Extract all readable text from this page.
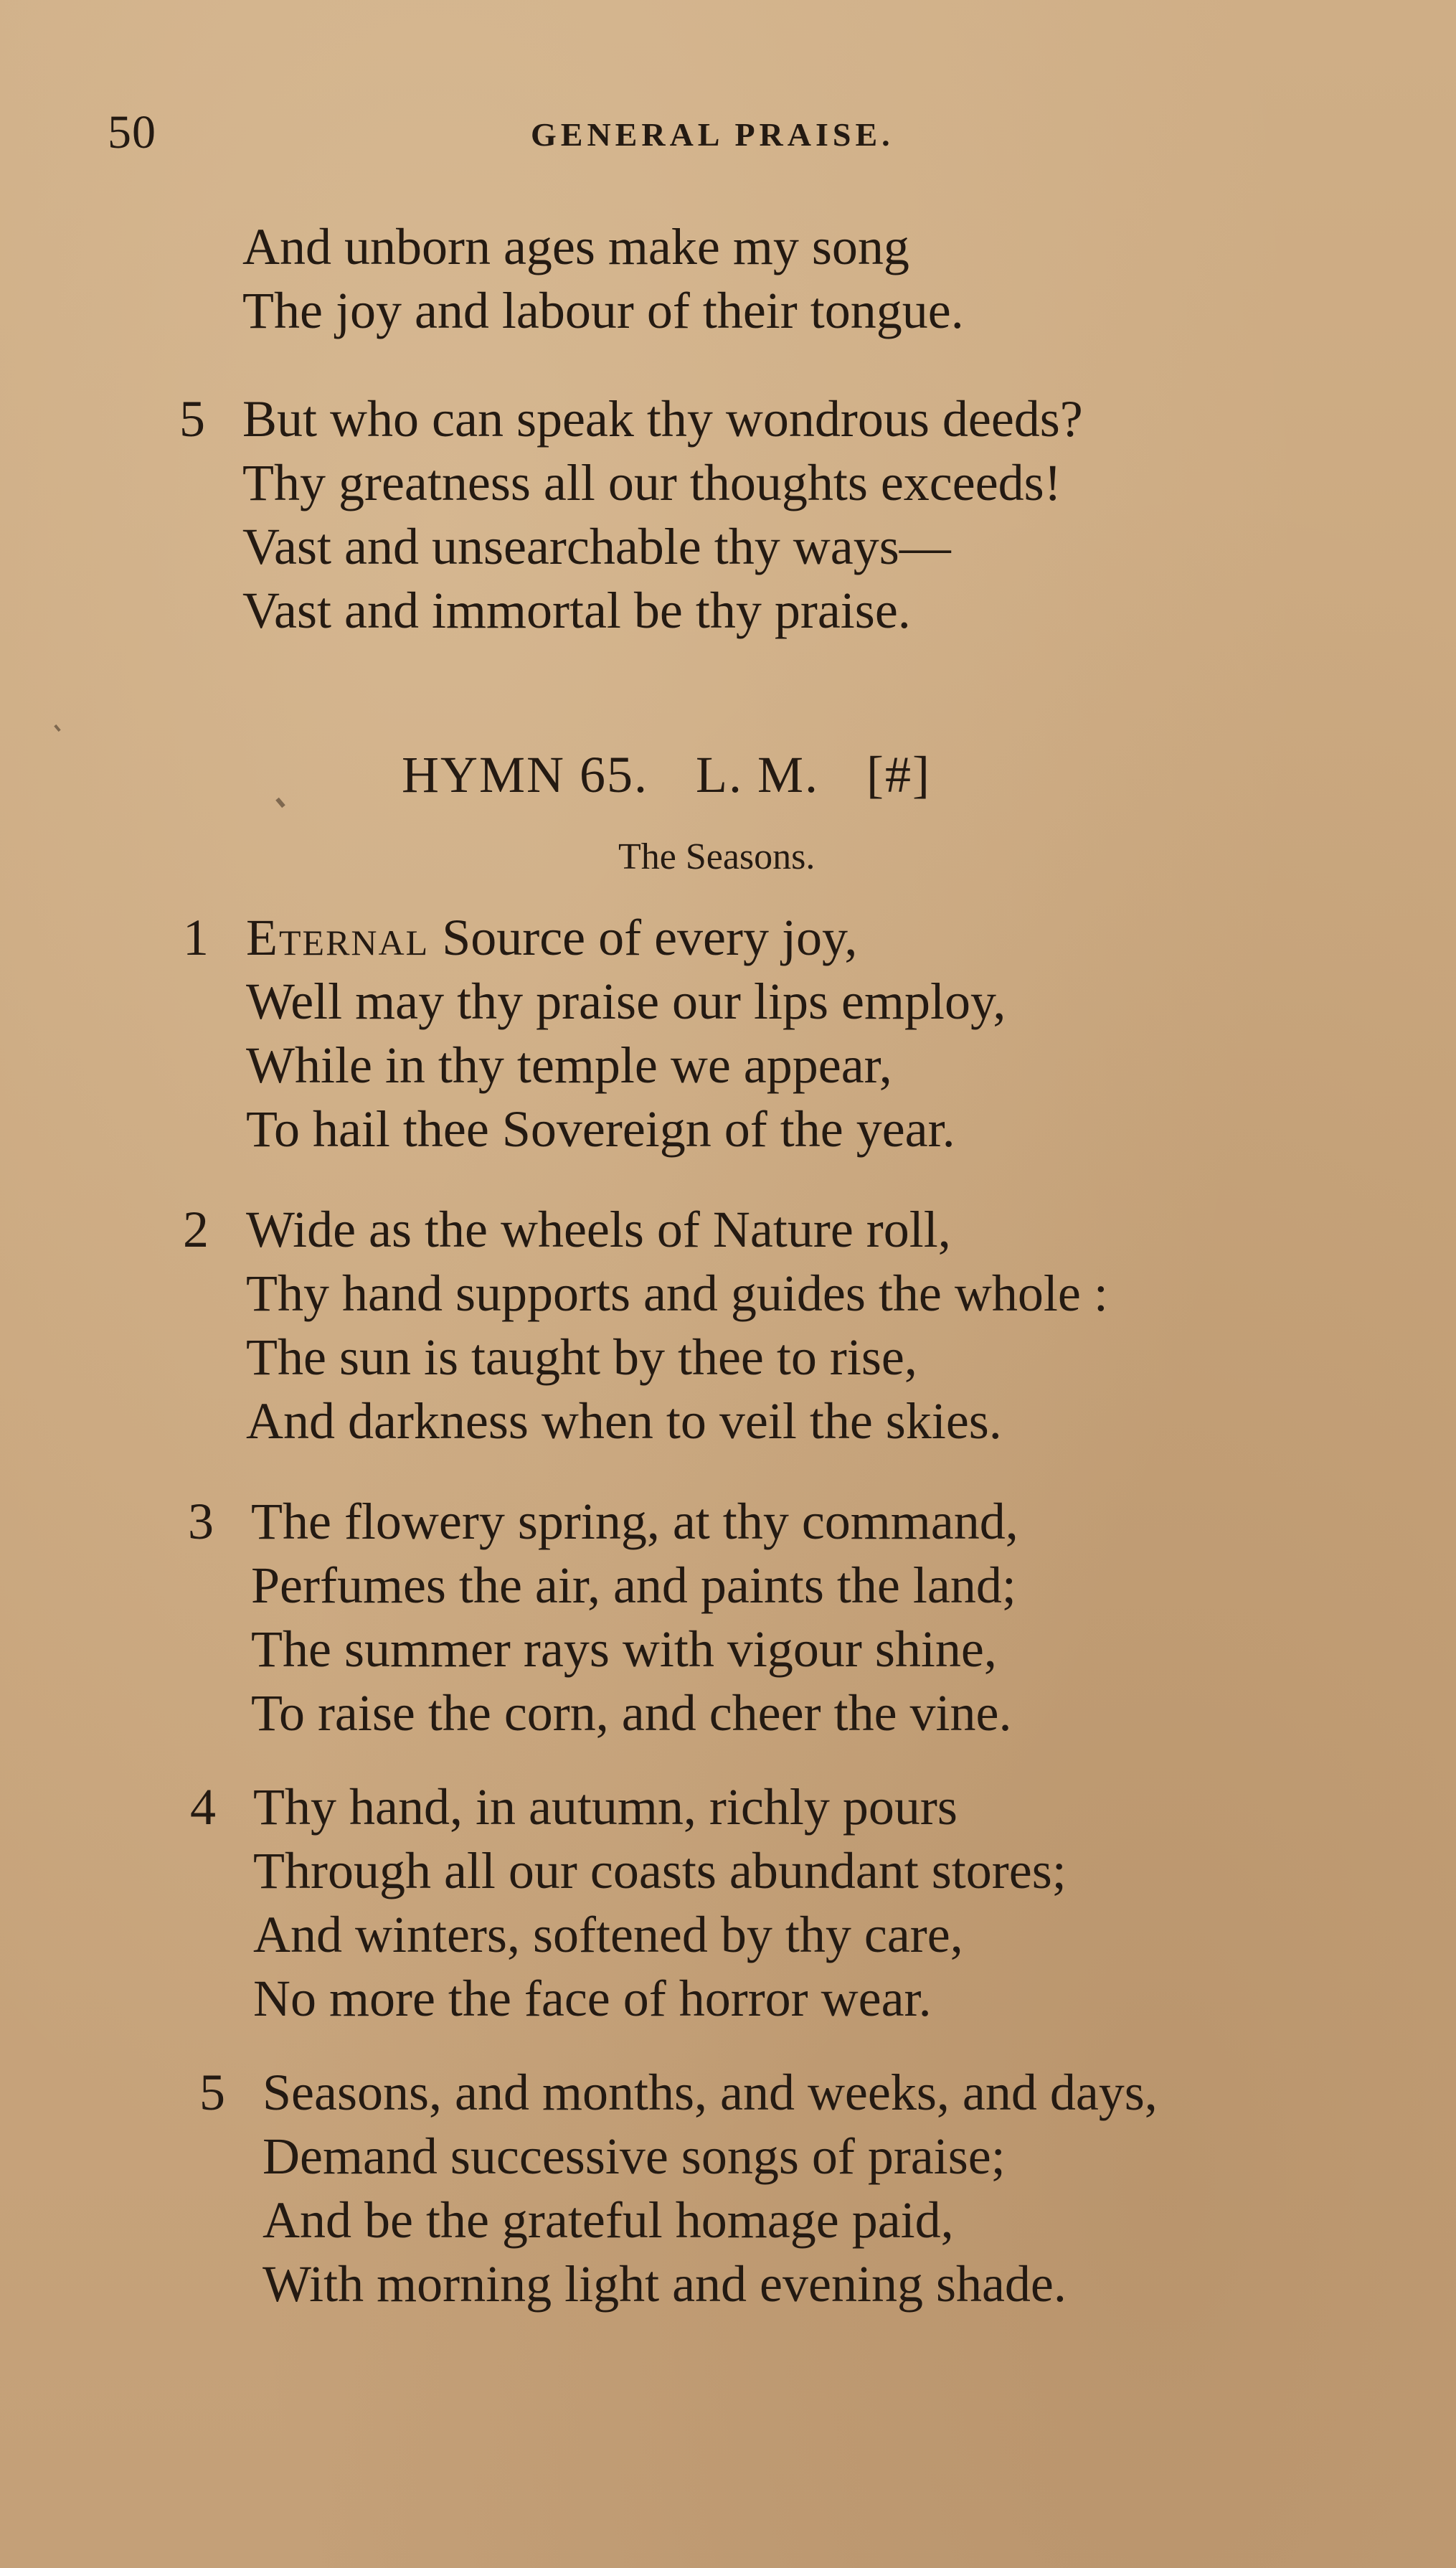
50	GENERAL PRAISE.
And unborn ages make my song
The joy and labour of their tongue.
5 But who can speak thy wondrous deeds?
Thy greatness all our thoughts exceeds!
Vast and unsearchable thy ways—
Vast and immortal be thy praise.
HYMN 65. L. M. [#]
The Seasons.
1 Eternal Source of every joy,
Well may thy praise our lips employ,
While in thy temple we appear,
To hail thee Sovereign of the year.
2 Wide as the wheels of Nature roll,
Thy hand supports and guides the whole :
The sun is taught by thee to rise,
And darkness when to veil the skies.
3 The flowery spring, at thy command,
Perfumes the air, and paints the land;
The summer rays with vigour shine,
To raise the corn, and cheer the vine.
4 Thy hand, in autumn, richly pours
Through all our coasts abundant stores;
And winters, softened by thy care,
No more the face of horror wear.
5 Seasons, and months, and weeks, and days,
Demand successive songs of praise;
And be the grateful homage paid,
With morning light and evening shade.
